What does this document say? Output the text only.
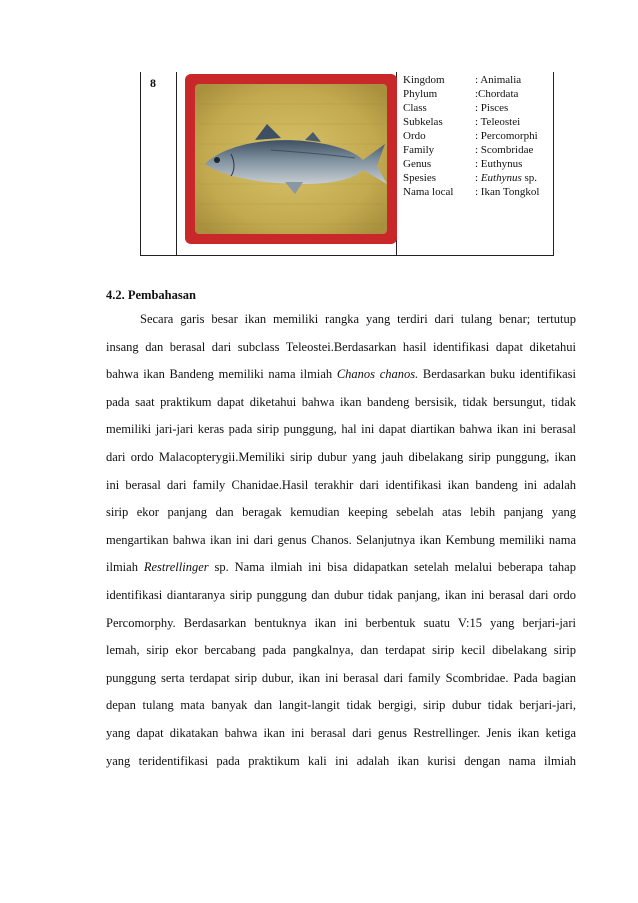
8	Kingdom	: Animalia
Phylum	:Chordata
Class	: Pisces
Subkelas	: Teleostei
Ordo	: Percomorphi
Family	: Scombridae
Genus	: Euthynus
Spesies	: Euthynus sp.
Nama local : Ikan Tongkol
4.2. Pembahasan
Secara garis besar ikan memiliki rangka yang terdiri dari tulang benar; tertutup
insang dan berasal dari subclass Teleostei.Berdasarkan hasil identifikasi dapat diketahui
bahwa ikan Bandeng memiliki nama ilmiah Chanos chanos. Berdasarkan buku identifikasi
pada saat praktikum dapat diketahui bahwa ikan bandeng bersisik, tidak bersungut, tidak
memiliki jari-jari keras pada sirip punggung, hal ini dapat diartikan bahwa ikan ini berasal
dari ordo Malacopterygii.Memiliki sirip dubur yang jauh dibelakang sirip punggung, ikan
ini berasal dari family Chanidae.Hasil terakhir dari identifikasi ikan bandeng ini adalah
sirip ekor panjang dan beragak kemudian keeping sebelah atas lebih panjang yang
mengartikan bahwa ikan ini dari genus Chanos. Selanjutnya ikan Kembung memiliki nama
ilmiah Restrellinger sp. Nama ilmiah ini bisa didapatkan setelah melalui beberapa tahap
identifikasi diantaranya sirip punggung dan dubur tidak panjang, ikan ini berasal dari ordo
Percomorphy. Berdasarkan bentuknya ikan ini berbentuk suatu V:15 yang berjari-jari
lemah, sirip ekor bercabang pada pangkalnya, dan terdapat sirip kecil dibelakang sirip
punggung serta terdapat sirip dubur, ikan ini berasal dari family Scombridae. Pada bagian
depan tulang mata banyak dan langit-langit tidak bergigi, sirip dubur tidak berjari-jari,
yang dapat dikatakan bahwa ikan ini berasal dari genus Restrellinger. Jenis ikan ketiga
yang teridentifikasi pada praktikum kali ini adalah ikan kurisi dengan nama ilmiah
